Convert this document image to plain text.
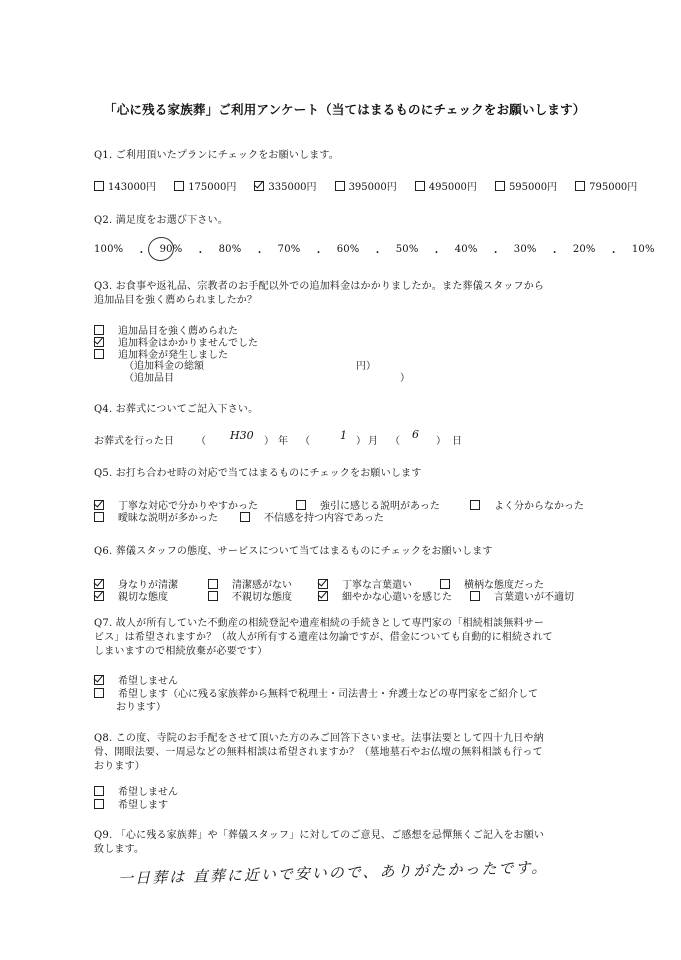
「心に残る家族葬」ご利用アンケート（当てはまるものにチェックをお願いします）
Q1. ご利用頂いたプランにチェックをお願いします。
143000円	175000円	335000円	395000円	495000円	595000円	795000円
Q2. 満足度をお選び下さい。
100% ・ 90% ・ 80% ・ 70% ・ 60% ・ 50% ・ 40% ・ 30% ・ 20% ・ 10%
Q3. お食事や返礼品、宗教者のお手配以外での追加料金はかかりましたか。また葬儀スタッフから
追加品目を強く薦められましたか？
追加品目を強く薦められた
追加料金はかかりませんでした
追加料金が発生しました
（追加料金の総額	円）
（追加品目	）
Q4. お葬式についてご記入下さい。
お葬式を行った日 （ H30 ） 年 （	1 ） 月 （
6
） 日
Q5. お打ち合わせ時の対応で当てはまるものにチェックをお願いします
丁寧な対応で分かりやすかった	強引に感じる説明があった	よく分からなかった
曖昧な説明が多かった	不信感を持つ内容であった
Q6. 葬儀スタッフの態度、サービスについて当てはまるものにチェックをお願いします
身なりが清潔	清潔感がない	丁寧な言葉遣い	横柄な態度だった
親切な態度	不親切な態度	細やかな心遣いを感じた	言葉遣いが不適切
Q7. 故人が所有していた不動産の相続登記や遺産相続の手続きとして専門家の「相続相談無料サー
ビス」は希望されますか？（故人が所有する遺産は勿論ですが、借金についても自動的に相続されて
しまいますので相続放棄が必要です）
希望しません
希望します（心に残る家族葬から無料で税理士・司法書士・弁護士などの専門家をご紹介して
おります）
Q8. この度、寺院のお手配をさせて頂いた方のみご回答下さいませ。法事法要として四十九日や納
骨、開眼法要、一周忌などの無料相談は希望されますか？（墓地墓石やお仏壇の無料相談も行って
おります）
希望しません
希望します
Q9. 「心に残る家族葬」や「葬儀スタッフ」に対してのご意見、ご感想を忌憚無くご記入をお願い
致します。
一日葬は 直葬に近いで安いので、ありがたかったです。
